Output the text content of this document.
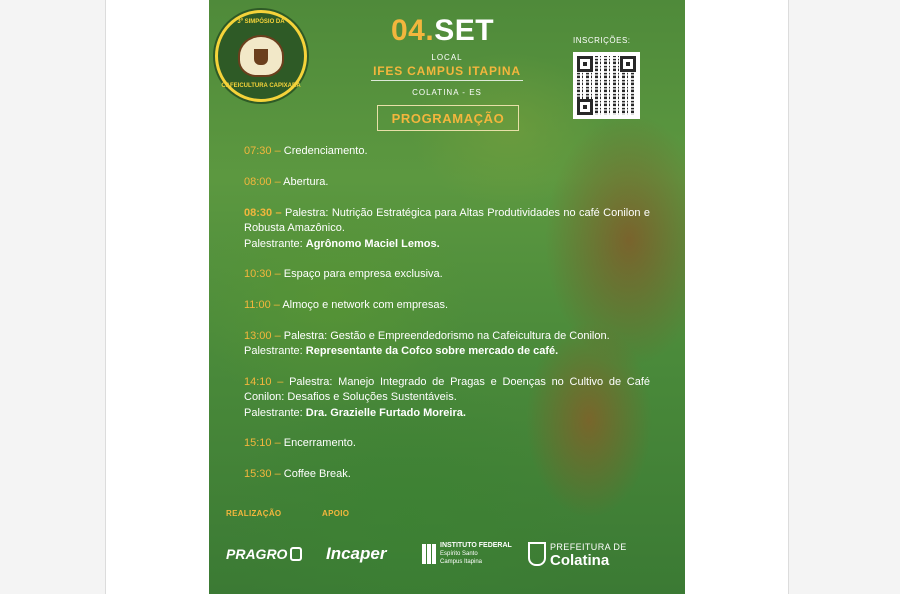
3º SIMPÓSIO DA
CAFEICULTURA CAPIXABA
04.SET
LOCAL
IFES CAMPUS ITAPINA
COLATINA - ES
PROGRAMAÇÃO
INSCRIÇÕES:
07:30 – Credenciamento.
08:00 – Abertura.
08:30 – Palestra: Nutrição Estratégica para Altas Produtividades no café Conilon e Robusta Amazônico.
Palestrante: Agrônomo Maciel Lemos.
10:30 – Espaço para empresa exclusiva.
11:00 – Almoço e network com empresas.
13:00 – Palestra: Gestão e Empreendedorismo na Cafeicultura de Conilon.
Palestrante: Representante da Cofco sobre mercado de café.
14:10 – Palestra: Manejo Integrado de Pragas e Doenças no Cultivo de Café Conilon: Desafios e Soluções Sustentáveis.
Palestrante: Dra. Grazielle Furtado Moreira.
15:10 – Encerramento.
15:30 – Coffee Break.
REALIZAÇÃO	APOIO
PRAGRO Incaper	INSTITUTO FEDERAL
Espírito Santo
Campus Itapina
PREFEITURA DE
Colatina
